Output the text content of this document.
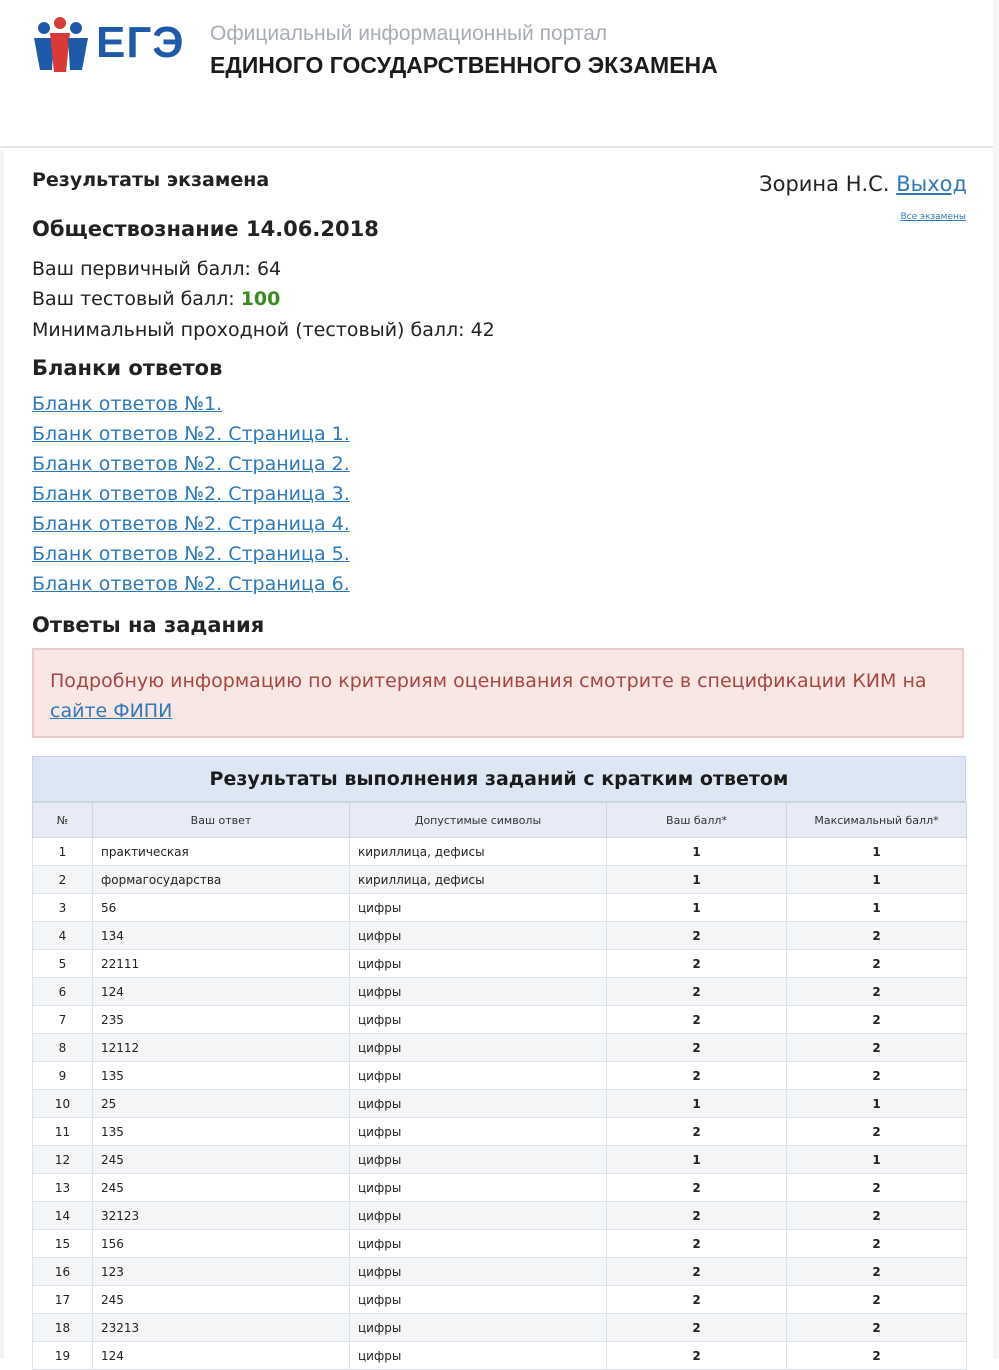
ЕГЭ Официальный информационный портал
ЕДИНОГО ГОСУДАРСТВЕННОГО ЭКЗАМЕНА
Результаты экзамена	Зорина Н.С. Выход
Все экзамены
Обществознание 14.06.2018
Ваш первичный балл: 64
Ваш тестовый балл: 100
Минимальный проходной (тестовый) балл: 42
Бланки ответов
Бланк ответов №1.
Бланк ответов №2. Страница 1.
Бланк ответов №2. Страница 2.
Бланк ответов №2. Страница 3.
Бланк ответов №2. Страница 4.
Бланк ответов №2. Страница 5.
Бланк ответов №2. Страница 6.
Ответы на задания
Подробную информацию по критериям оценивания смотрите в спецификации КИМ на сайте ФИПИ
Результаты выполнения заданий с кратким ответом
№	Ваш ответ	Допустимые символы	Ваш балл*	Максимальный балл*
1	практическая	кириллица, дефисы	1	1
2	формагосударства	кириллица, дефисы	1	1
3	56	цифры	1	1
4	134	цифры	2	2
5	22111	цифры	2	2
6	124	цифры	2	2
7	235	цифры	2	2
8	12112	цифры	2	2
9	135	цифры	2	2
10	25	цифры	1	1
11	135	цифры	2	2
12	245	цифры	1	1
13	245	цифры	2	2
14	32123	цифры	2	2
15	156	цифры	2	2
16	123	цифры	2	2
17	245	цифры	2	2
18	23213	цифры	2	2
19	124	цифры	2	2
